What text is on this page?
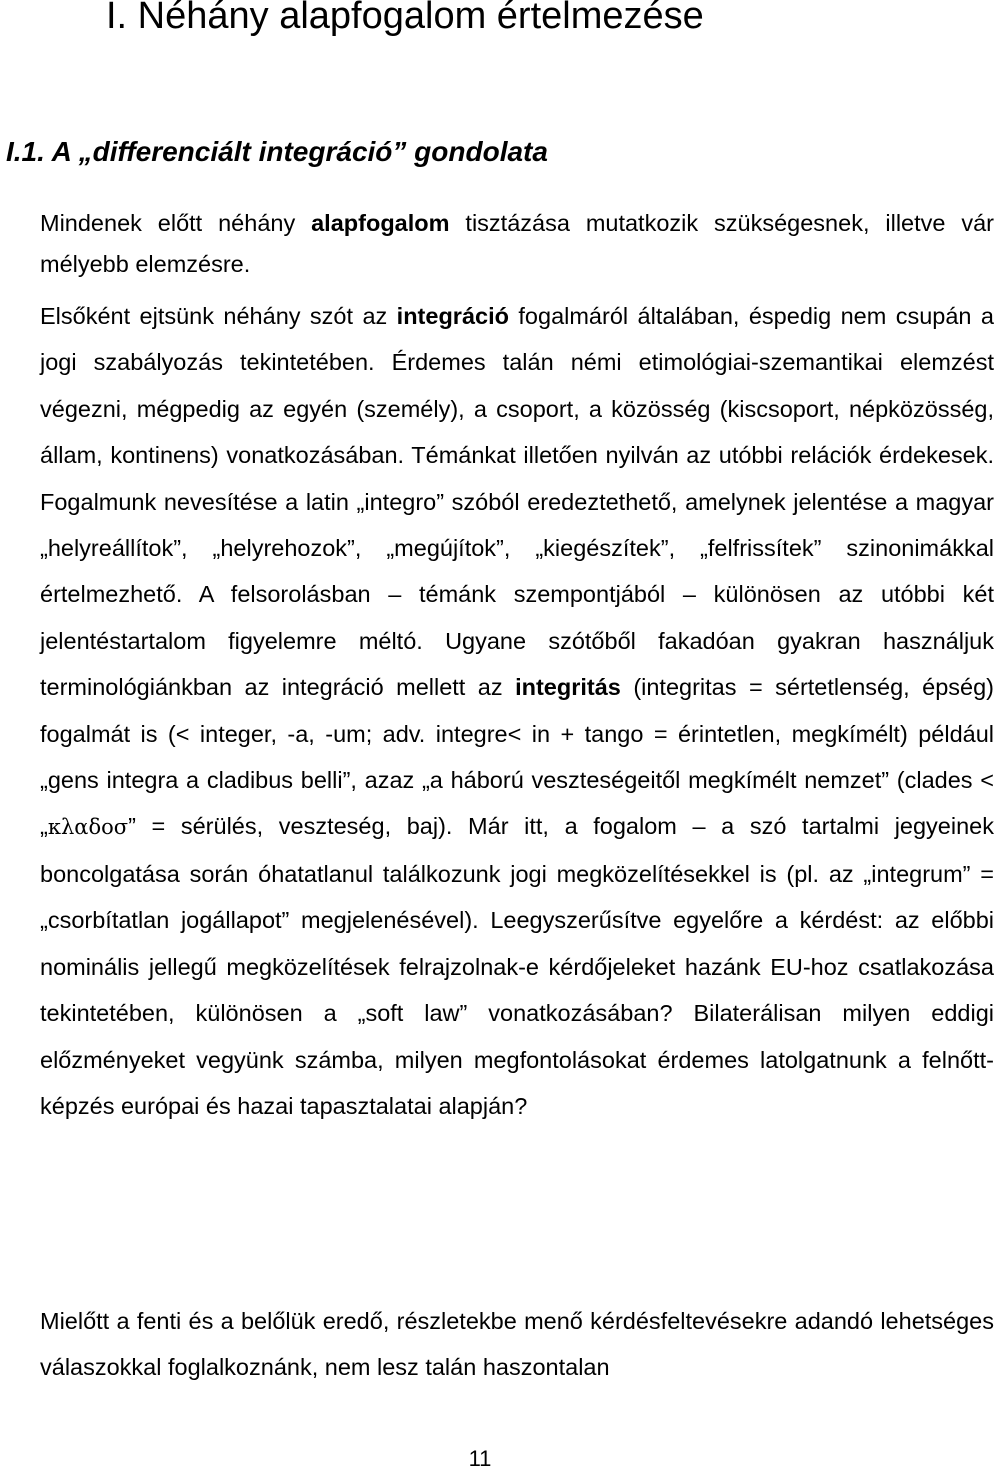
I. Néhány alapfogalom értelmezése
I.1. A „differenciált integráció” gondolata

Mindenek előtt néhány alapfogalom tisztázása mutatkozik szükségesnek, illetve vár mélyebb elemzésre.

Elsőként ejtsünk néhány szót az integráció fogalmáról általában, éspedig nem csupán a jogi szabályozás tekintetében. Érdemes talán némi etimológiai-szemantikai elemzést végezni, mégpedig az egyén (személy), a csoport, a közösség (kiscsoport, népközösség, állam, kontinens) vonatkozásában. Témánkat illetően nyilván az utóbbi relációk érdekesek. Fogalmunk nevesítése a latin „integro” szóból eredeztethető, amelynek jelentése a magyar „helyreállítok”, „helyrehozok”, „megújítok”, „kiegészítek”, „felfrissítek” szinonimákkal értelmezhető. A felsorolásban – témánk szempontjából – különösen az utóbbi két jelentéstartalom figyelemre méltó. Ugyane szótőből fakadóan gyakran használjuk terminológiánkban az integráció mellett az integritás (integritas = sértetlenség, épség) fogalmát is (< integer, -a, -um; adv. integre< in + tango = érintetlen, megkímélt) például „gens integra a cladibus belli”, azaz „a háború veszteségeitől megkímélt nemzet” (clades < „κλαδοσ” = sérülés, veszteség, baj). Már itt, a fogalom – a szó tartalmi jegyeinek boncolgatása során óhatatlanul találkozunk jogi megközelítésekkel is (pl. az „integrum” = „csorbítatlan jogállapot” megjelenésével). Leegyszerűsítve egyelőre a kérdést: az előbbi nominális jellegű megközelítések felrajzolnak-e kérdőjeleket hazánk EU-hoz csatlakozása tekintetében, különösen a „soft law” vonatkozásában? Bilaterálisan milyen eddigi előzményeket vegyünk számba, milyen megfontolásokat érdemes latolgatnunk a felnőttképzés európai és hazai tapasztalatai alapján?

Mielőtt a fenti és a belőlük eredő, részletekbe menő kérdésfeltevésekre adandó lehetséges válaszokkal foglalkoznánk, nem lesz talán haszontalan

11
